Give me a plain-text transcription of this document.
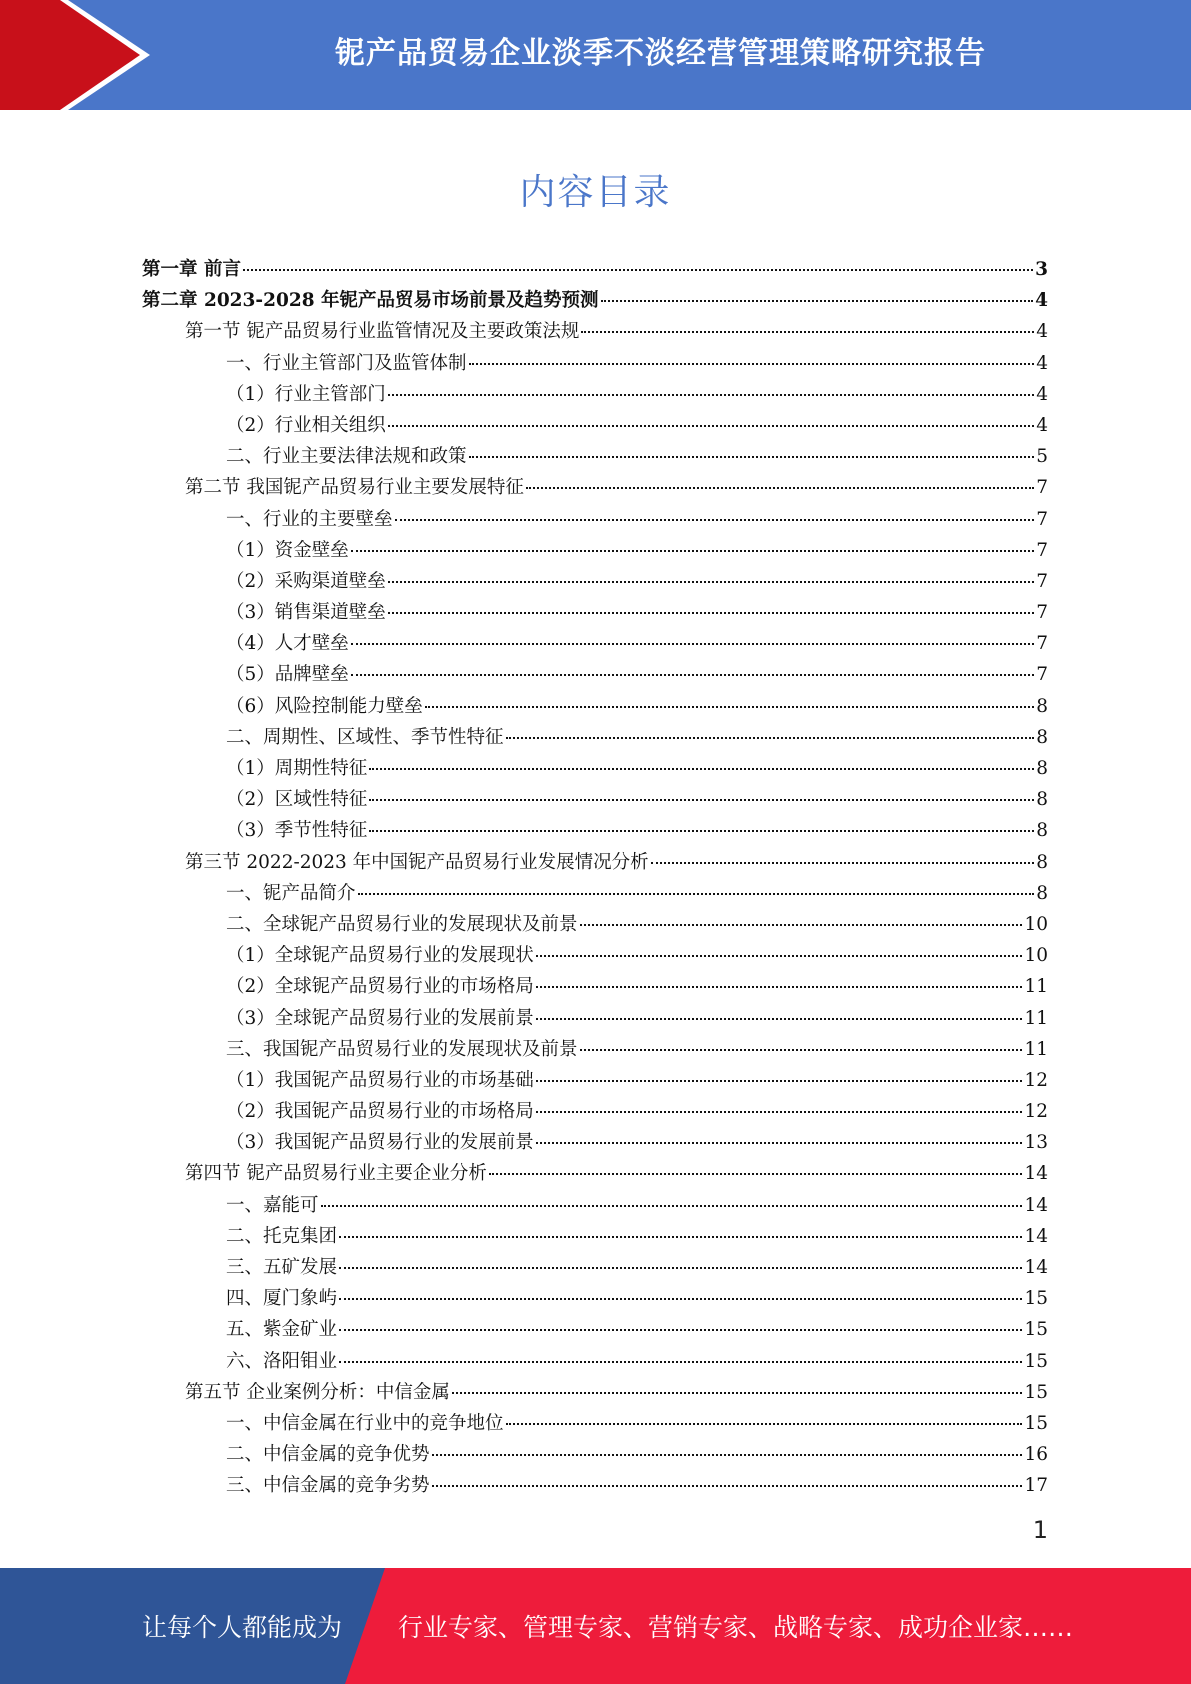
铌产品贸易企业淡季不淡经营管理策略研究报告
内容目录
第一章 前言	3
第二章 2023-2028 年铌产品贸易市场前景及趋势预测	4
第一节 铌产品贸易行业监管情况及主要政策法规	4
一、行业主管部门及监管体制	4
（1）行业主管部门	4
（2）行业相关组织	4
二、行业主要法律法规和政策	5
第二节 我国铌产品贸易行业主要发展特征	7
一、行业的主要壁垒	7
（1）资金壁垒	7
（2）采购渠道壁垒	7
（3）销售渠道壁垒	7
（4）人才壁垒	7
（5）品牌壁垒	7
（6）风险控制能力壁垒	8
二、周期性、区域性、季节性特征	8
（1）周期性特征	8
（2）区域性特征	8
（3）季节性特征	8
第三节 2022-2023 年中国铌产品贸易行业发展情况分析	8
一、铌产品简介	8
二、全球铌产品贸易行业的发展现状及前景	10
（1）全球铌产品贸易行业的发展现状	10
（2）全球铌产品贸易行业的市场格局	11
（3）全球铌产品贸易行业的发展前景	11
三、我国铌产品贸易行业的发展现状及前景	11
（1）我国铌产品贸易行业的市场基础	12
（2）我国铌产品贸易行业的市场格局	12
（3）我国铌产品贸易行业的发展前景	13
第四节 铌产品贸易行业主要企业分析	14
一、嘉能可	14
二、托克集团	14
三、五矿发展	14
四、厦门象屿	15
五、紫金矿业	15
六、洛阳钼业	15
第五节 企业案例分析：中信金属	15
一、中信金属在行业中的竞争地位	15
二、中信金属的竞争优势	16
三、中信金属的竞争劣势	17
1
让每个人都能成为 行业专家、管理专家、营销专家、战略专家、成功企业家……
